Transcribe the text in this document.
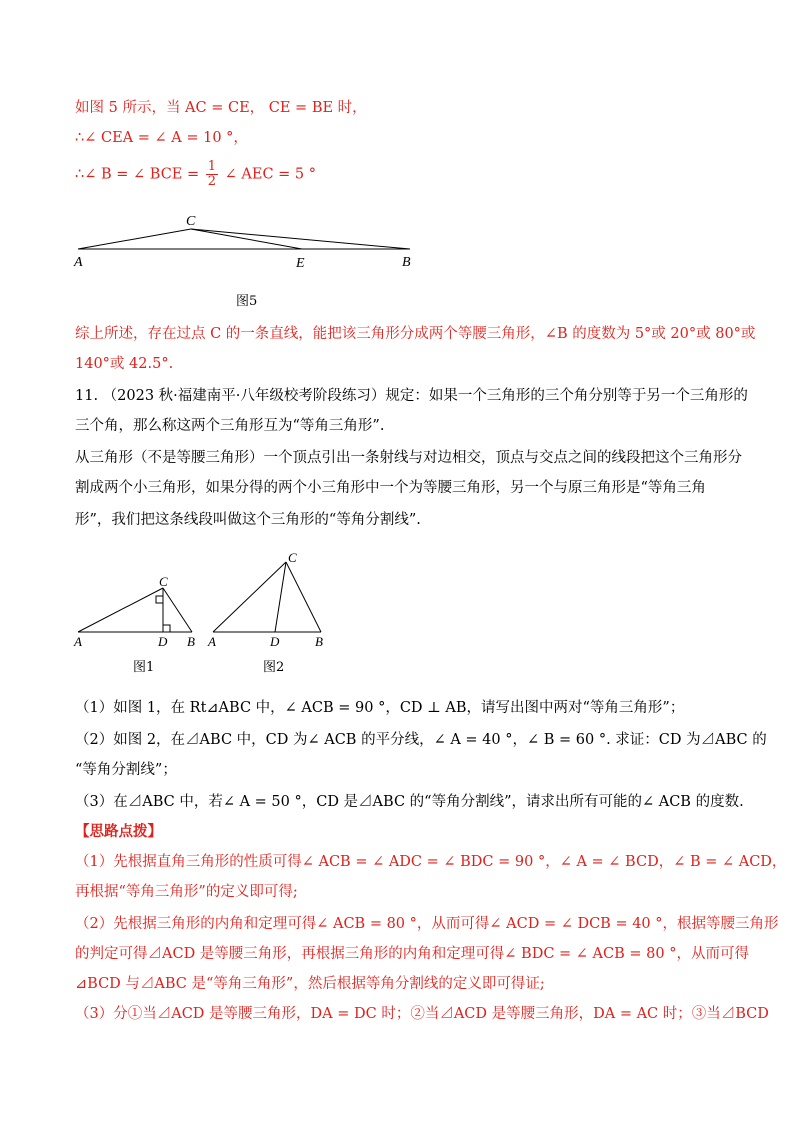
如图 5 所示，当 AC = CE， CE = BE 时，
∴∠ CEA = ∠ A = 10 °，
∴∠ B = ∠ BCE = $\frac{1}{2}$ ∠ AEC = 5 °
C
A	E	B
图5
综上所述，存在过点 C 的一条直线，能把该三角形分成两个等腰三角形，∠B 的度数为 5°或 20°或 80°或
140°或 42.5°.
11. （2023 秋·福建南平·八年级校考阶段练习）规定：如果一个三角形的三个角分别等于另一个三角形的
三个角，那么称这两个三角形互为“等角三角形”.
从三角形（不是等腰三角形）一个顶点引出一条射线与对边相交，顶点与交点之间的线段把这个三角形分
割成两个小三角形，如果分得的两个小三角形中一个为等腰三角形，另一个与原三角形是“等角三角
形”，我们把这条线段叫做这个三角形的“等角分割线”.
C
A	D B
图1
C
A	D	B
图2
（1）如图 1，在 Rt⊿ABC 中，∠ ACB = 90 °，CD ⊥ AB，请写出图中两对“等角三角形”；
（2）如图 2，在⊿ABC 中，CD 为∠ ACB 的平分线，∠ A = 40 °，∠ B = 60 °. 求证：CD 为⊿ABC 的
“等角分割线”；
（3）在⊿ABC 中，若∠ A = 50 °，CD 是⊿ABC 的“等角分割线”，请求出所有可能的∠ ACB 的度数.
【思路点拨】
（1）先根据直角三角形的性质可得∠ ACB = ∠ ADC = ∠ BDC = 90 °，∠ A = ∠ BCD，∠ B = ∠ ACD，
再根据“等角三角形”的定义即可得;
（2）先根据三角形的内角和定理可得∠ ACB = 80 °，从而可得∠ ACD = ∠ DCB = 40 °，根据等腰三角形
的判定可得⊿ACD 是等腰三角形，再根据三角形的内角和定理可得∠ BDC = ∠ ACB = 80 °，从而可得
⊿BCD 与⊿ABC 是“等角三角形”，然后根据等角分割线的定义即可得证;
（3）分①当⊿ACD 是等腰三角形，DA = DC 时；②当⊿ACD 是等腰三角形，DA = AC 时；③当⊿BCD
